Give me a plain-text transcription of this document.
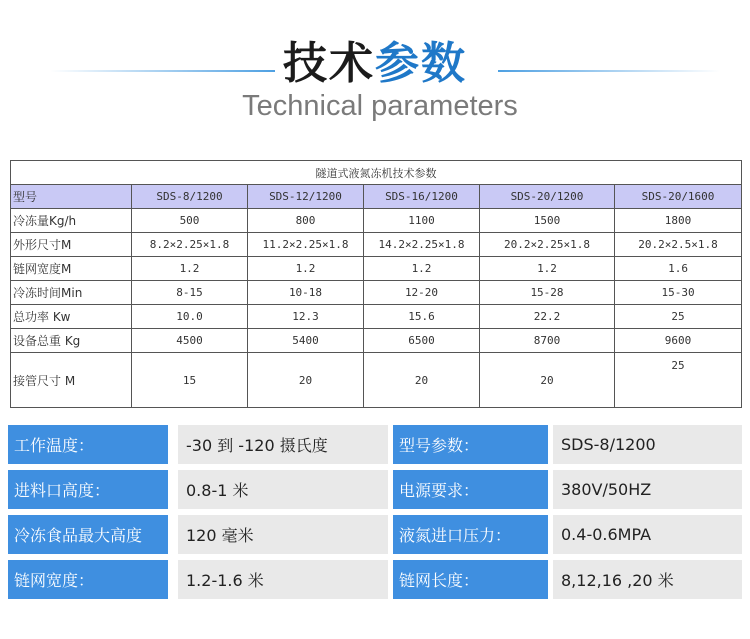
技术参数
Technical parameters
隧道式液氮冻机技术参数					
型号	SDS-8/1200	SDS-12/1200	SDS-16/1200	SDS-20/1200	SDS-20/1600
冷冻量Kg/h	500	800	1100	1500	1800
外形尺寸M	8.2×2.25×1.8	11.2×2.25×1.8	14.2×2.25×1.8	20.2×2.25×1.8	20.2×2.5×1.8
链网宽度M	1.2	1.2	1.2	1.2	1.6
冷冻时间Min	8-15	10-18	12-20	15-28	15-30
总功率 Kw	10.0	12.3	15.6	22.2	25
设备总重 Kg	4500	5400	6500	8700	9600
接管尺寸 M	15	20	20	20	25
工作温度：	-30 到 -120 摄氏度	型号参数：	SDS-8/1200
进料口高度：	0.8-1 米	电源要求：	380V/50HZ
冷冻食品最大高度	120 毫米	液氮进口压力：	0.4-0.6MPA
链网宽度：	1.2-1.6 米	链网长度：	8,12,16 ,20 米
